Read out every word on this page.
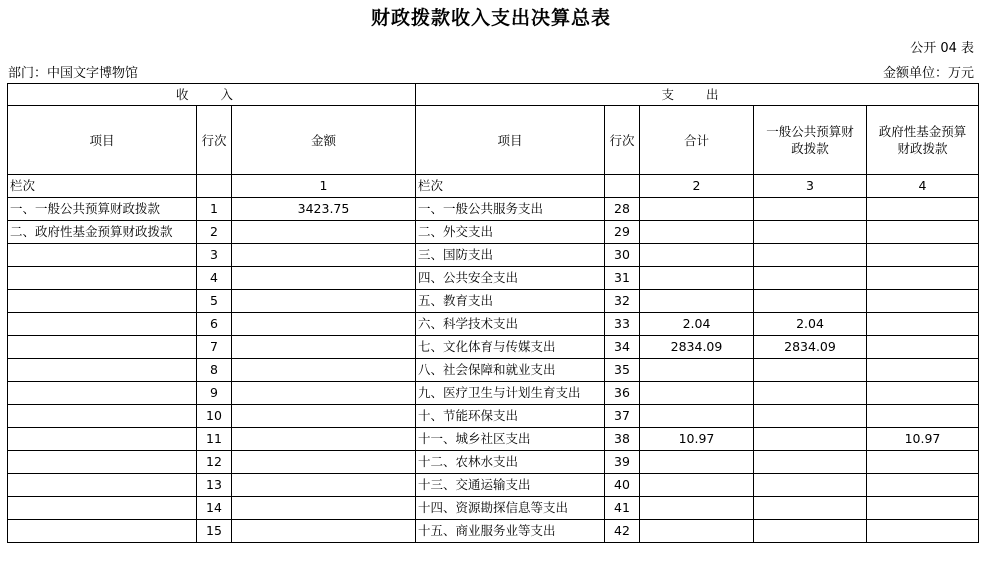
财政拨款收入支出决算总表
公开 04 表
部门：中国文字博物馆	金额单位：万元
收 入			支 出				
项目	行次	金额	项目	行次	合计	一般公共预算财政拨款	政府性基金预算财政拨款
栏次		1	栏次		2	3	4
一、一般公共预算财政拨款	1	3423.75	一、一般公共服务支出	28			
二、政府性基金预算财政拨款	2		二、外交支出	29			
	3		三、国防支出	30			
	4		四、公共安全支出	31			
	5		五、教育支出	32			
	6		六、科学技术支出	33	2.04	2.04	
	7		七、文化体育与传媒支出	34	2834.09	2834.09	
	8		八、社会保障和就业支出	35			
	9		九、医疗卫生与计划生育支出	36			
	10		十、节能环保支出	37			
	11		十一、城乡社区支出	38	10.97		10.97
	12		十二、农林水支出	39			
	13		十三、交通运输支出	40			
	14		十四、资源勘探信息等支出	41			
	15		十五、商业服务业等支出	42			
